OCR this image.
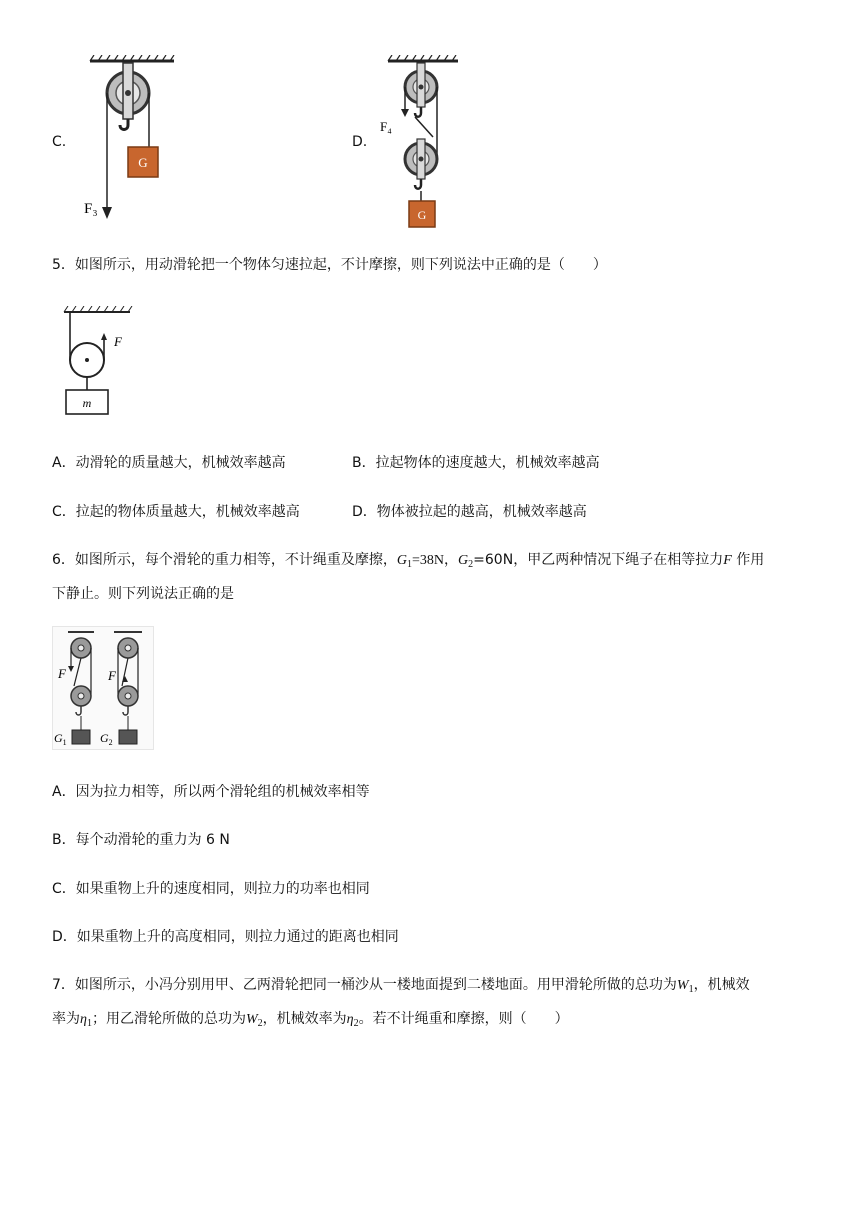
C.
G
F₃
D.
F₄
G
5．如图所示，用动滑轮把一个物体匀速拉起，不计摩擦，则下列说法中正确的是（　　）
F
m
A．动滑轮的质量越大，机械效率越高	B．拉起物体的速度越大，机械效率越高
C．拉起的物体质量越大，机械效率越高	D．物体被拉起的越高，机械效率越高
6．如图所示，每个滑轮的重力相等，不计绳重及摩擦，$G_1=38N$，$G_2=60N$，甲乙两种情况下绳子在相等拉力F 作用
下静止。则下列说法正确的是
F
$G_1$
F
$G_2$
A．因为拉力相等，所以两个滑轮组的机械效率相等
B．每个动滑轮的重力为 6 N
C．如果重物上升的速度相同，则拉力的功率也相同
D．如果重物上升的高度相同，则拉力通过的距离也相同
7．如图所示，小冯分别用甲、乙两滑轮把同一桶沙从一楼地面提到二楼地面。用甲滑轮所做的总功为$W_1$，机械效
率为$\eta_1$；用乙滑轮所做的总功为$W_2$，机械效率为$\eta_2$。若不计绳重和摩擦，则（　　）
